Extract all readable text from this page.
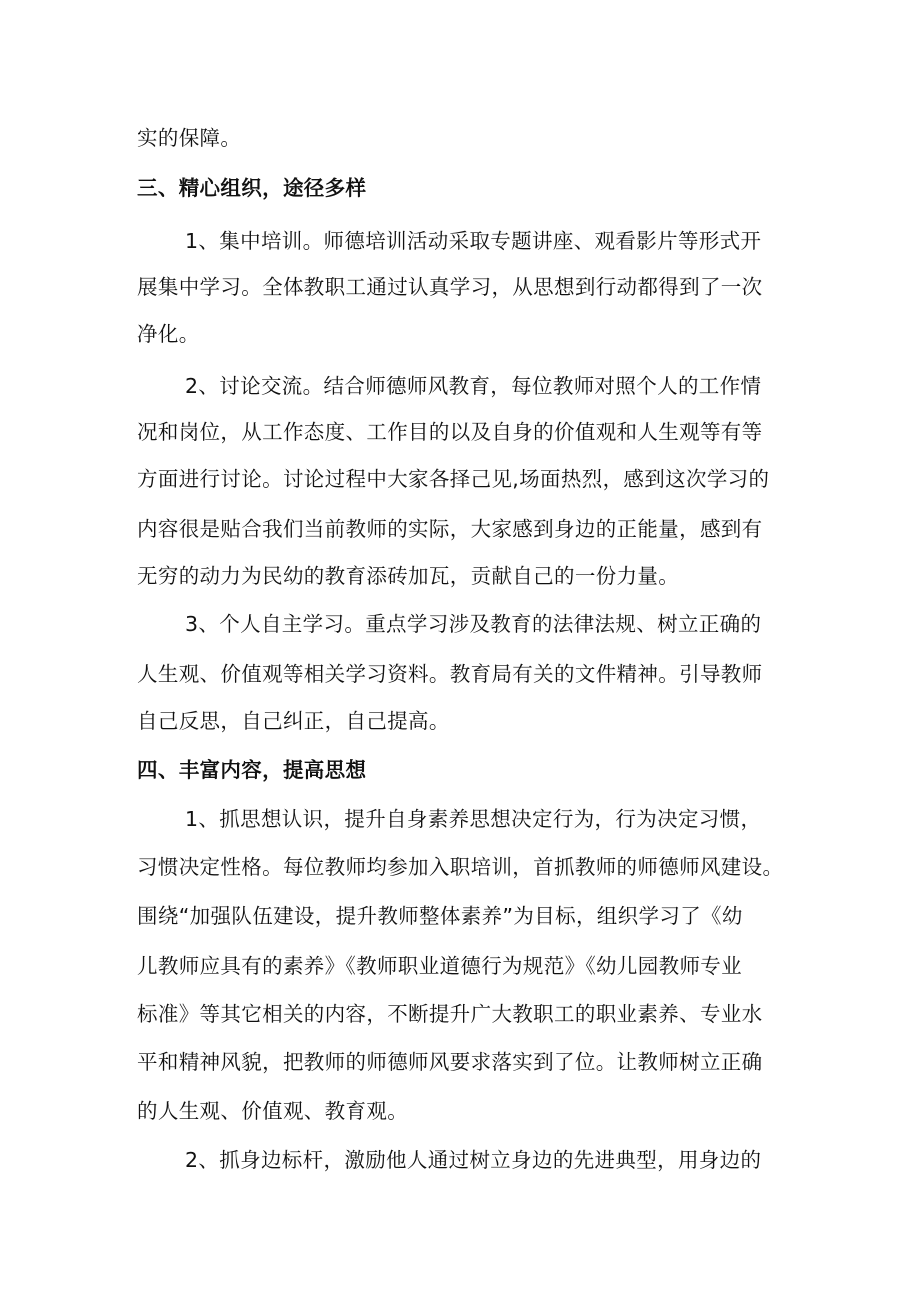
实的保障。
三、精心组织，途径多样
1、集中培训。师德培训活动采取专题讲座、观看影片等形式开
展集中学习。全体教职工通过认真学习，从思想到行动都得到了一次
净化。
2、讨论交流。结合师德师风教育，每位教师对照个人的工作情
况和岗位，从工作态度、工作目的以及自身的价值观和人生观等有等
方面进行讨论。讨论过程中大家各择己见,场面热烈，感到这次学习的
内容很是贴合我们当前教师的实际，大家感到身边的正能量，感到有
无穷的动力为民幼的教育添砖加瓦，贡献自己的一份力量。
3、个人自主学习。重点学习涉及教育的法律法规、树立正确的
人生观、价值观等相关学习资料。教育局有关的文件精神。引导教师
自己反思，自己纠正，自己提高。
四、丰富内容，提高思想
1、抓思想认识，提升自身素养思想决定行为，行为决定习惯，
习惯决定性格。每位教师均参加入职培训，首抓教师的师德师风建设。
围绕“加强队伍建设，提升教师整体素养”为目标，组织学习了《幼
儿教师应具有的素养》《教师职业道德行为规范》《幼儿园教师专业
标准》等其它相关的内容，不断提升广大教职工的职业素养、专业水
平和精神风貌，把教师的师德师风要求落实到了位。让教师树立正确
的人生观、价值观、教育观。
2、抓身边标杆，激励他人通过树立身边的先进典型，用身边的
